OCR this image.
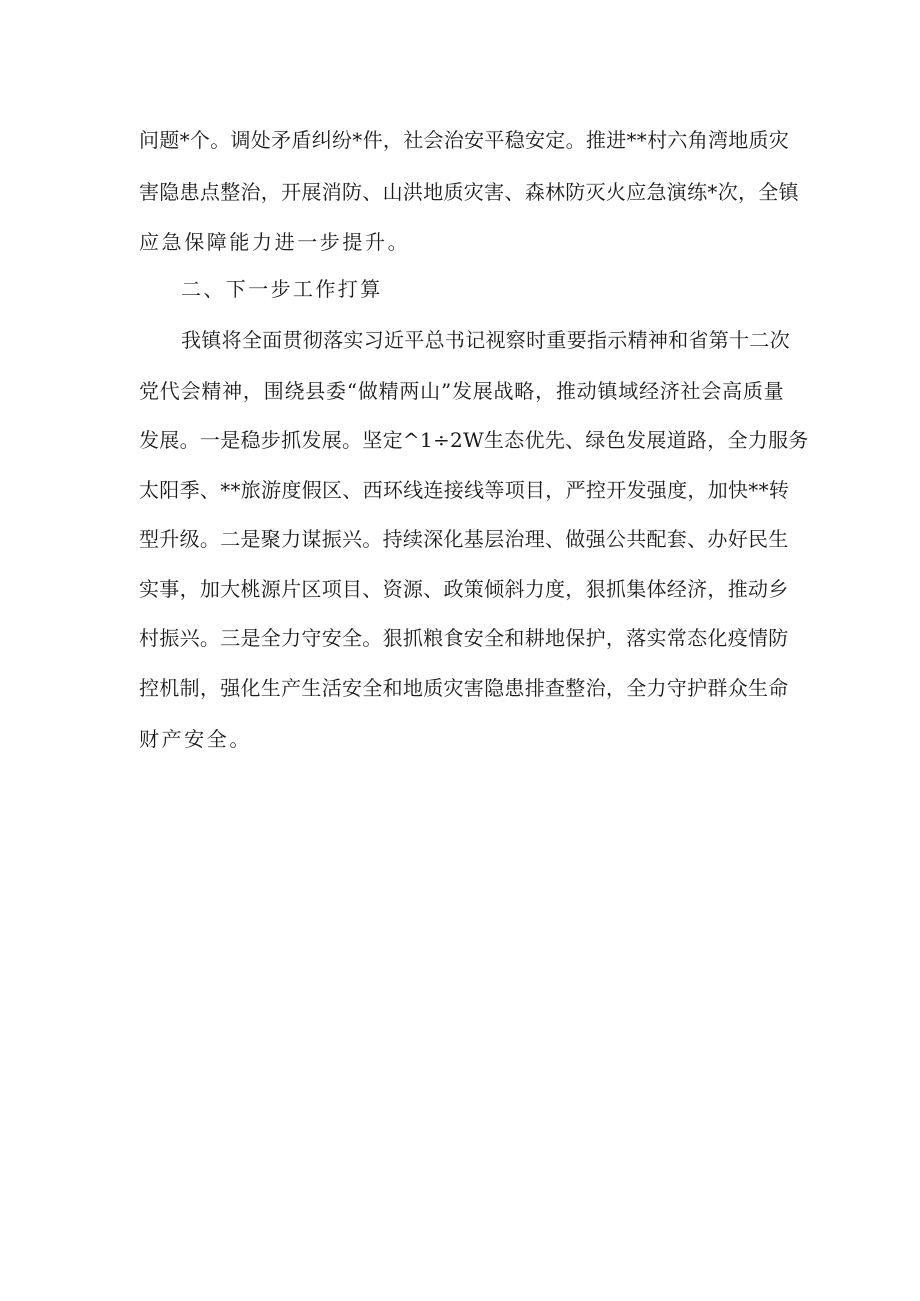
问题*个。调处矛盾纠纷*件，社会治安平稳安定。推进**村六角湾地质灾
害隐患点整治，开展消防、山洪地质灾害、森林防灭火应急演练*次，全镇
应急保障能力进一步提升。
二、下一步工作打算
我镇将全面贯彻落实习近平总书记视察时重要指示精神和省第十二次
党代会精神，围绕县委“做精两山”发展战略，推动镇域经济社会高质量
发展。一是稳步抓发展。坚定^1÷2W生态优先、绿色发展道路，全力服务
太阳季、**旅游度假区、西环线连接线等项目，严控开发强度，加快**转
型升级。二是聚力谋振兴。持续深化基层治理、做强公共配套、办好民生
实事，加大桃源片区项目、资源、政策倾斜力度，狠抓集体经济，推动乡
村振兴。三是全力守安全。狠抓粮食安全和耕地保护，落实常态化疫情防
控机制，强化生产生活安全和地质灾害隐患排查整治，全力守护群众生命
财产安全。
